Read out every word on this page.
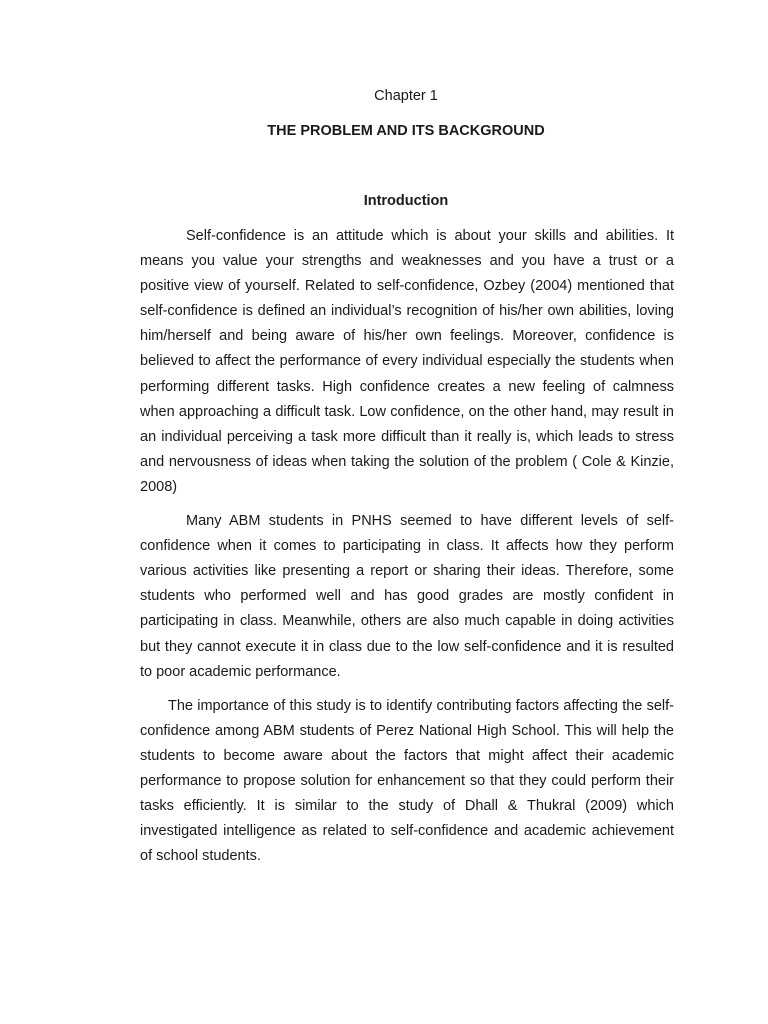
Chapter 1
THE PROBLEM AND ITS BACKGROUND
Introduction

Self-confidence is an attitude which is about your skills and abilities. It means you value your strengths and weaknesses and you have a trust or a positive view of yourself. Related to self-confidence, Ozbey (2004) mentioned that self-confidence is defined an individual’s recognition of his/her own abilities, loving him/herself and being aware of his/her own feelings. Moreover, confidence is believed to affect the performance of every individual especially the students when performing different tasks. High confidence creates a new feeling of calmness when approaching a difficult task. Low confidence, on the other hand, may result in an individual perceiving a task more difficult than it really is, which leads to stress and nervousness of ideas when taking the solution of the problem ( Cole & Kinzie, 2008)

Many ABM students in PNHS seemed to have different levels of self-confidence when it comes to participating in class. It affects how they perform various activities like presenting a report or sharing their ideas. Therefore, some students who performed well and has good grades are mostly confident in participating in class. Meanwhile, others are also much capable in doing activities but they cannot execute it in class due to the low self-confidence and it is resulted to poor academic performance.

The importance of this study is to identify contributing factors affecting the self-confidence among ABM students of Perez National High School. This will help the students to become aware about the factors that might affect their academic performance to propose solution for enhancement so that they could perform their tasks efficiently. It is similar to the study of Dhall & Thukral (2009) which investigated intelligence as related to self-confidence and academic achievement of school students.
